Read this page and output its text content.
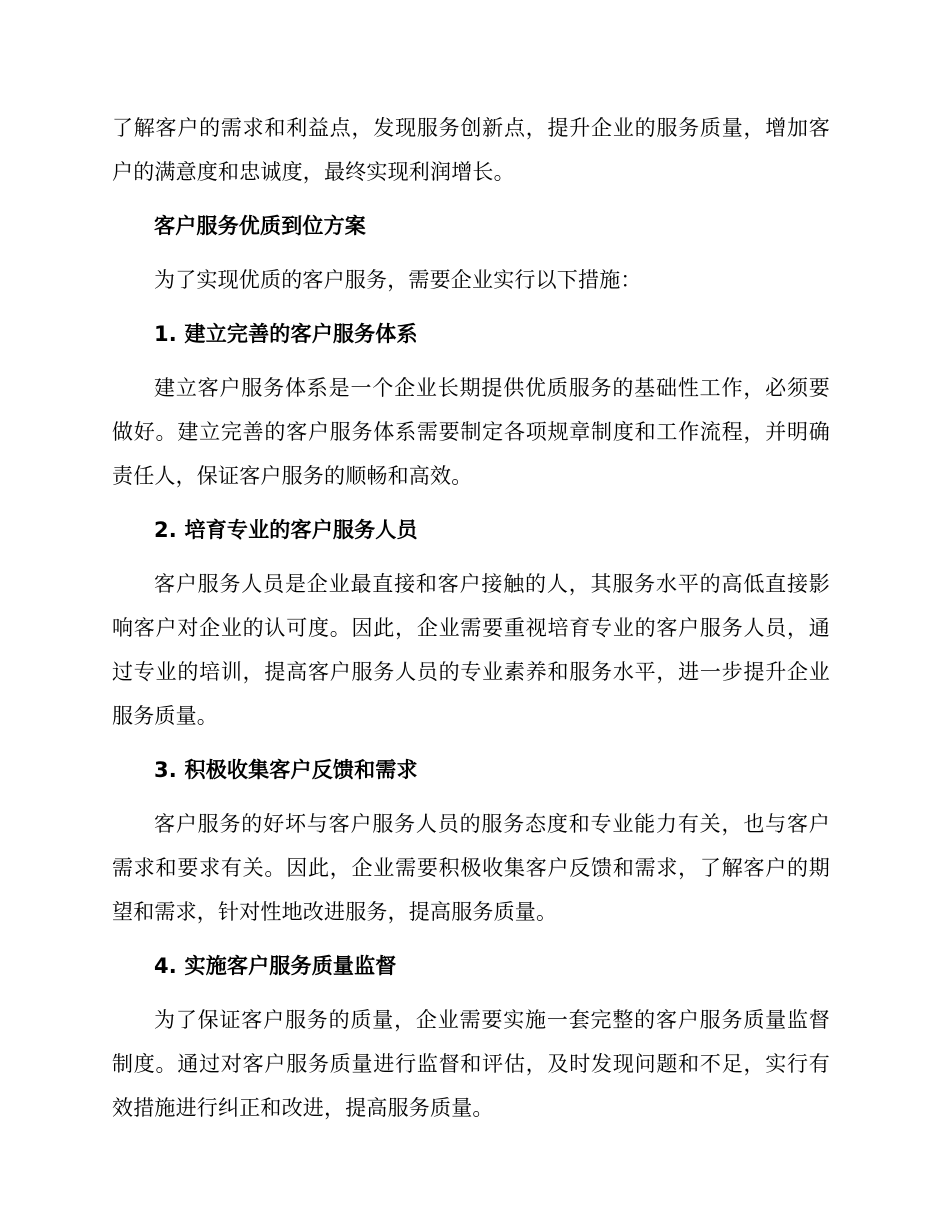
了解客户的需求和利益点，发现服务创新点，提升企业的服务质量，增加客户的满意度和忠诚度，最终实现利润增长。

客户服务优质到位方案

为了实现优质的客户服务，需要企业实行以下措施：

1. 建立完善的客户服务体系

建立客户服务体系是一个企业长期提供优质服务的基础性工作，必须要做好。建立完善的客户服务体系需要制定各项规章制度和工作流程，并明确责任人，保证客户服务的顺畅和高效。

2. 培育专业的客户服务人员

客户服务人员是企业最直接和客户接触的人，其服务水平的高低直接影响客户对企业的认可度。因此，企业需要重视培育专业的客户服务人员，通过专业的培训，提高客户服务人员的专业素养和服务水平，进一步提升企业服务质量。

3. 积极收集客户反馈和需求

客户服务的好坏与客户服务人员的服务态度和专业能力有关，也与客户需求和要求有关。因此，企业需要积极收集客户反馈和需求，了解客户的期望和需求，针对性地改进服务，提高服务质量。

4. 实施客户服务质量监督

为了保证客户服务的质量，企业需要实施一套完整的客户服务质量监督制度。通过对客户服务质量进行监督和评估，及时发现问题和不足，实行有效措施进行纠正和改进，提高服务质量。
